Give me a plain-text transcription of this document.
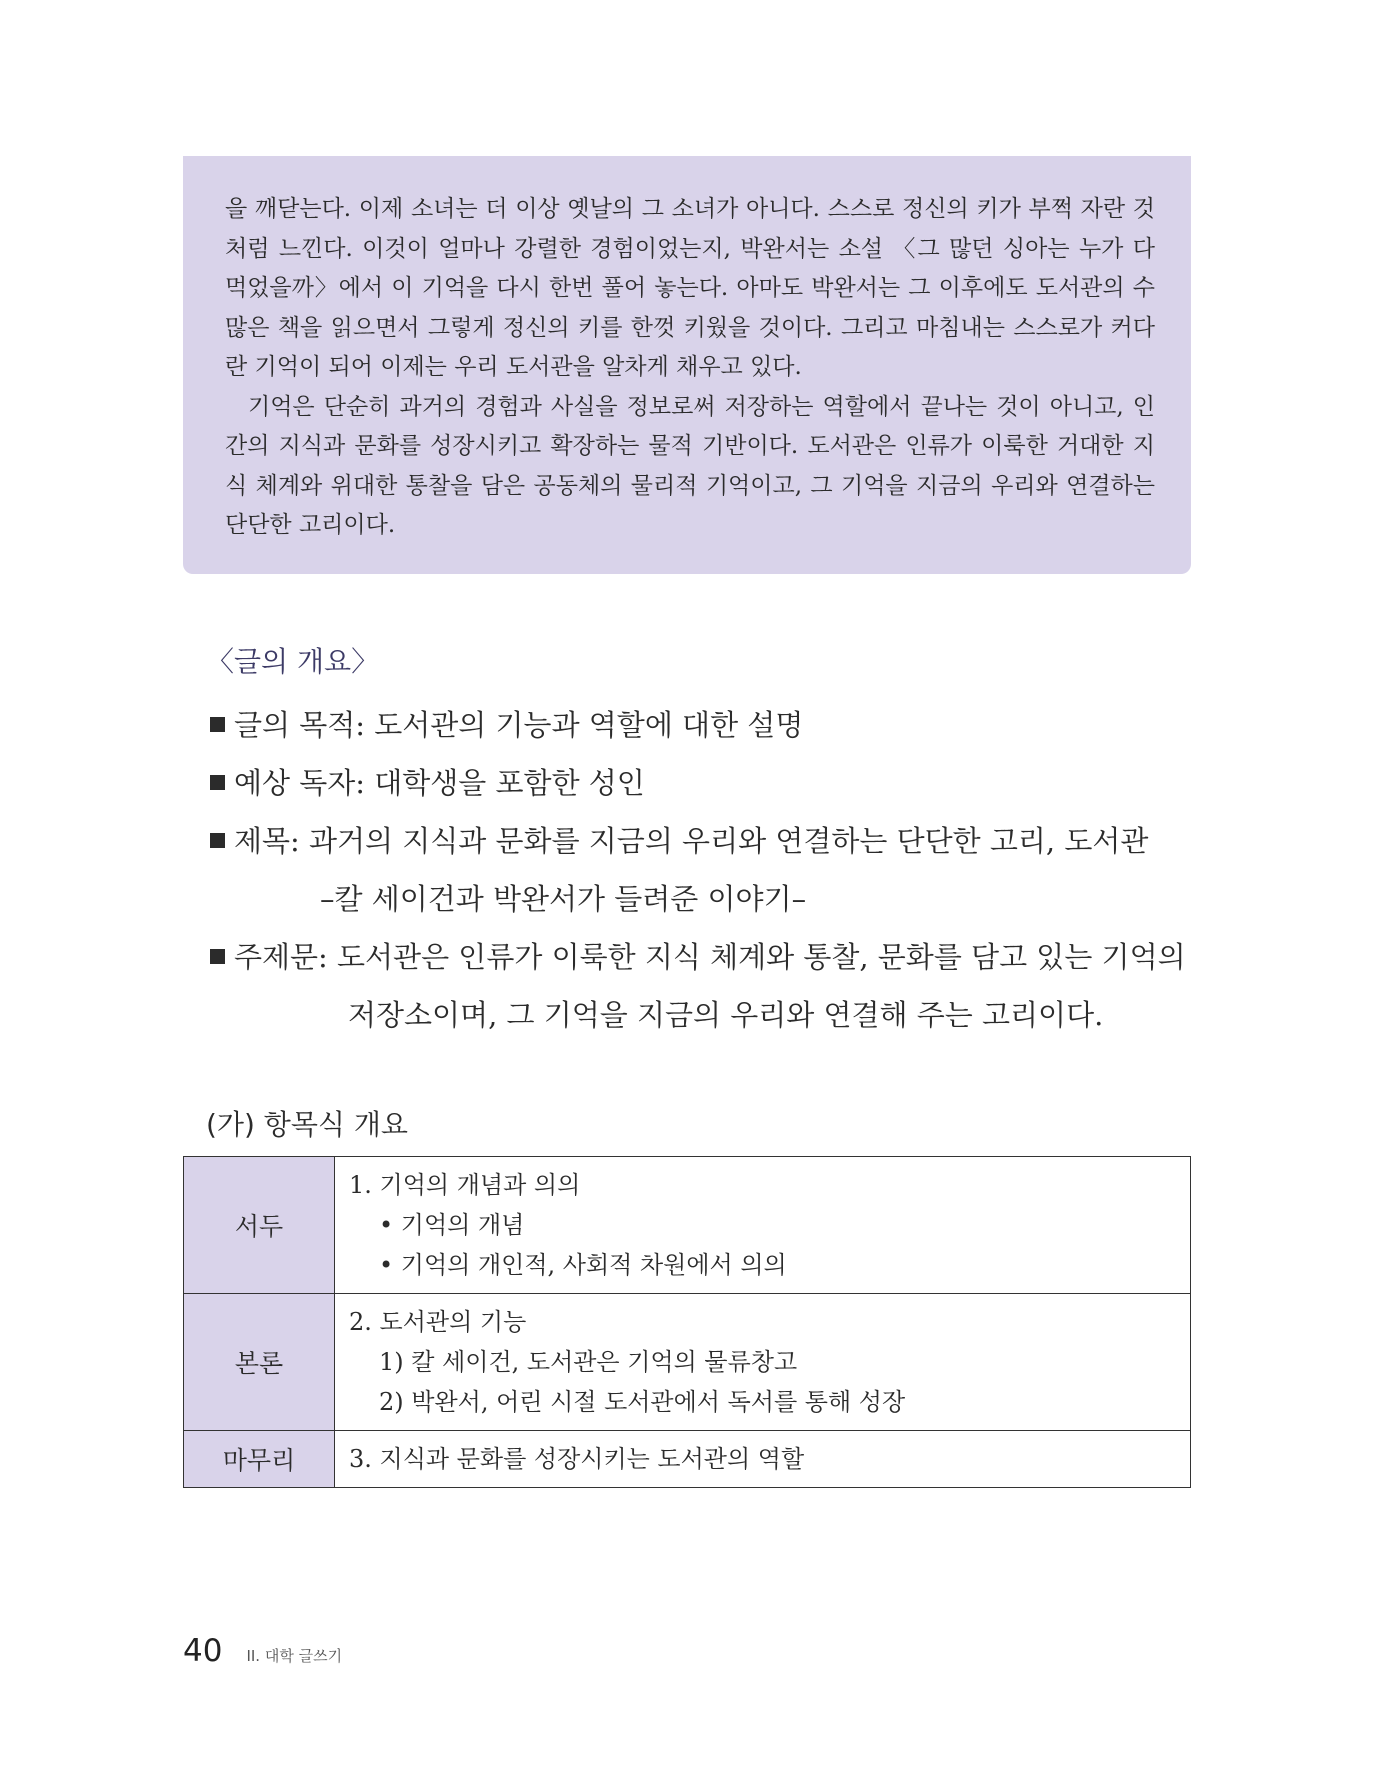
을 깨닫는다. 이제 소녀는 더 이상 옛날의 그 소녀가 아니다. 스스로 정신의 키가 부쩍 자란 것처럼 느낀다. 이것이 얼마나 강렬한 경험이었는지, 박완서는 소설 〈그 많던 싱아는 누가 다 먹었을까〉에서 이 기억을 다시 한번 풀어 놓는다. 아마도 박완서는 그 이후에도 도서관의 수많은 책을 읽으면서 그렇게 정신의 키를 한껏 키웠을 것이다. 그리고 마침내는 스스로가 커다란 기억이 되어 이제는 우리 도서관을 알차게 채우고 있다.

기억은 단순히 과거의 경험과 사실을 정보로써 저장하는 역할에서 끝나는 것이 아니고, 인간의 지식과 문화를 성장시키고 확장하는 물적 기반이다. 도서관은 인류가 이룩한 거대한 지식 체계와 위대한 통찰을 담은 공동체의 물리적 기억이고, 그 기억을 지금의 우리와 연결하는 단단한 고리이다.

〈글의 개요〉
글의 목적: 도서관의 기능과 역할에 대한 설명
예상 독자: 대학생을 포함한 성인
제목: 과거의 지식과 문화를 지금의 우리와 연결하는 단단한 고리, 도서관
–칼 세이건과 박완서가 들려준 이야기–
주제문: 도서관은 인류가 이룩한 지식 체계와 통찰, 문화를 담고 있는 기억의
저장소이며, 그 기억을 지금의 우리와 연결해 주는 고리이다.
(가) 항목식 개요
서두	1. 기억의 개념과 의의
• 기억의 개념
• 기억의 개인적, 사회적 차원에서 의의

본론	2. 도서관의 기능
1) 칼 세이건, 도서관은 기억의 물류창고
2) 박완서, 어린 시절 도서관에서 독서를 통해 성장

마무리	3. 지식과 문화를 성장시키는 도서관의 역할
40 II. 대학 글쓰기
